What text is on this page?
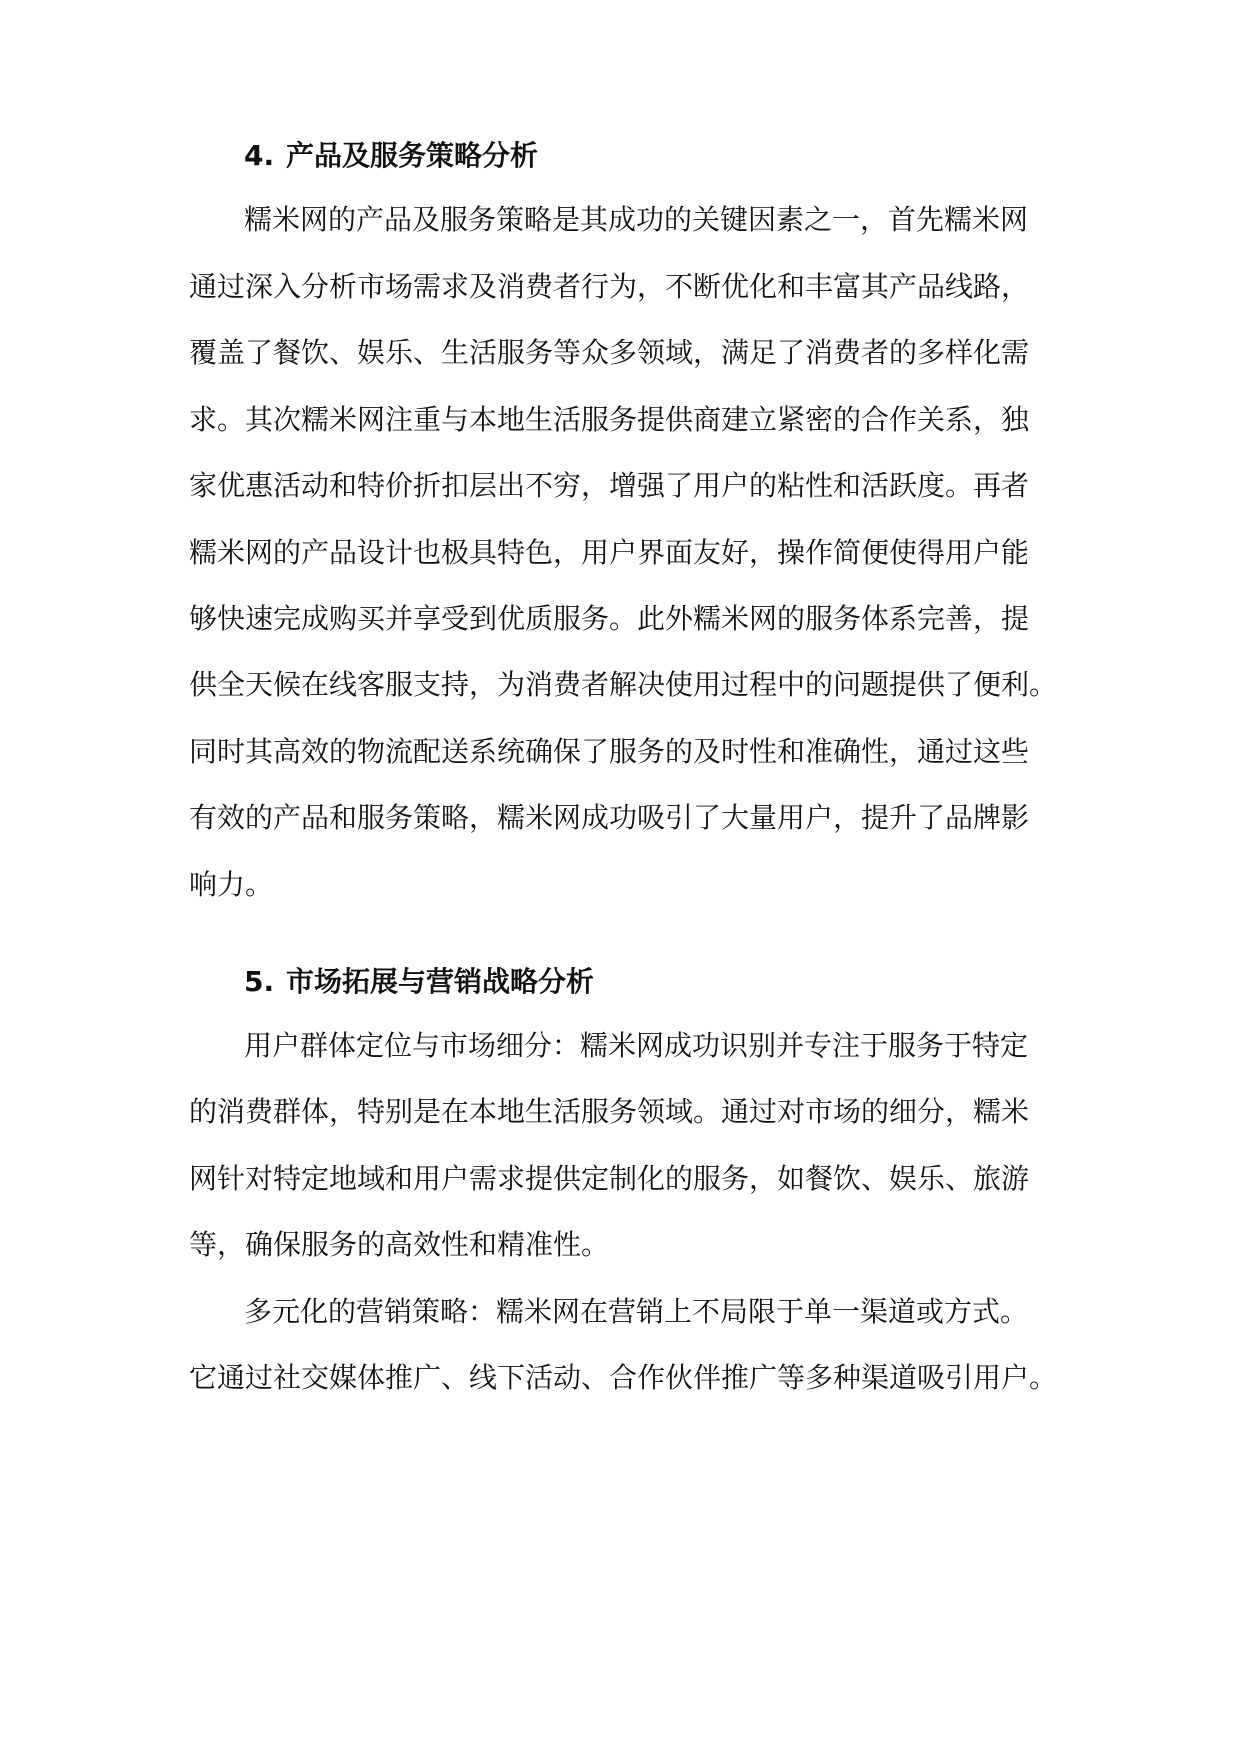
4. 产品及服务策略分析

糯米网的产品及服务策略是其成功的关键因素之一，首先糯米网

通过深入分析市场需求及消费者行为，不断优化和丰富其产品线路，

覆盖了餐饮、娱乐、生活服务等众多领域，满足了消费者的多样化需

求。其次糯米网注重与本地生活服务提供商建立紧密的合作关系，独

家优惠活动和特价折扣层出不穷，增强了用户的粘性和活跃度。再者

糯米网的产品设计也极具特色，用户界面友好，操作简便使得用户能

够快速完成购买并享受到优质服务。此外糯米网的服务体系完善，提

供全天候在线客服支持，为消费者解决使用过程中的问题提供了便利。

同时其高效的物流配送系统确保了服务的及时性和准确性，通过这些

有效的产品和服务策略，糯米网成功吸引了大量用户，提升了品牌影

响力。

5. 市场拓展与营销战略分析

用户群体定位与市场细分：糯米网成功识别并专注于服务于特定

的消费群体，特别是在本地生活服务领域。通过对市场的细分，糯米

网针对特定地域和用户需求提供定制化的服务，如餐饮、娱乐、旅游

等，确保服务的高效性和精准性。

多元化的营销策略：糯米网在营销上不局限于单一渠道或方式。

它通过社交媒体推广、线下活动、合作伙伴推广等多种渠道吸引用户。
